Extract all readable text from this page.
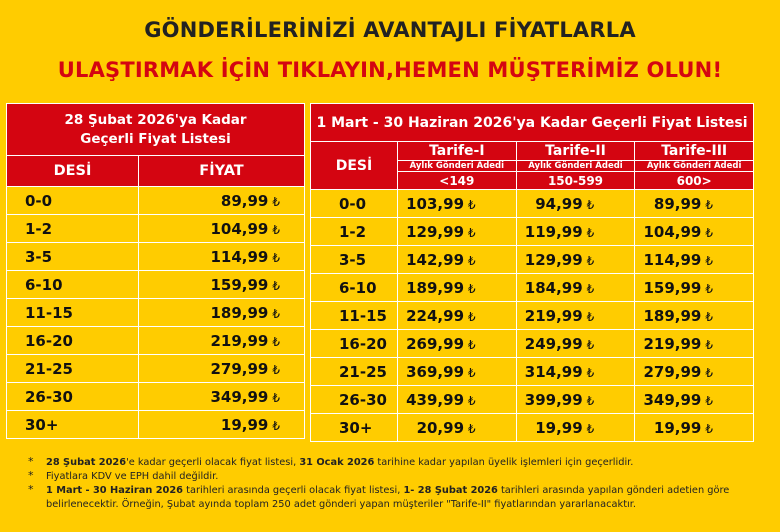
GÖNDERİLERİNİZİ AVANTAJLI FİYATLARLA
ULAŞTIRMAK İÇİN TIKLAYIN,HEMEN MÜŞTERİMİZ OLUN!
28 Şubat 2026'ya Kadar
Geçerli Fiyat Listesi	
DESİ	FİYAT
0-0	89,99 ₺
1-2	104,99 ₺
3-5	114,99 ₺
6-10	159,99 ₺
11-15	189,99 ₺
16-20	219,99 ₺
21-25	279,99 ₺
26-30	349,99 ₺
30+	19,99 ₺
1 Mart - 30 Haziran 2026'ya Kadar Geçerli Fiyat Listesi			
DESİ	Tarife-I	Tarife-II	Tarife-III
	Aylık Gönderi Adedi	Aylık Gönderi Adedi	Aylık Gönderi Adedi
	<149	150-599	600>
0-0	103,99 ₺	94,99 ₺	89,99 ₺
1-2	129,99 ₺	119,99 ₺	104,99 ₺
3-5	142,99 ₺	129,99 ₺	114,99 ₺
6-10	189,99 ₺	184,99 ₺	159,99 ₺
11-15	224,99 ₺	219,99 ₺	189,99 ₺
16-20	269,99 ₺	249,99 ₺	219,99 ₺
21-25	369,99 ₺	314,99 ₺	279,99 ₺
26-30	439,99 ₺	399,99 ₺	349,99 ₺
30+	20,99 ₺	19,99 ₺	19,99 ₺
* 28 Şubat 2026'e kadar geçerli olacak fiyat listesi, 31 Ocak 2026 tarihine kadar yapılan üyelik işlemleri için geçerlidir.
* Fiyatlara KDV ve EPH dahil değildir.
* 1 Mart - 30 Haziran 2026 tarihleri arasında geçerli olacak fiyat listesi, 1- 28 Şubat 2026 tarihleri arasında yapılan gönderi adetien göre belirlenecektir. Örneğin, Şubat ayında toplam 250 adet gönderi yapan müşteriler "Tarife-II" fiyatlarından yararlanacaktır.
